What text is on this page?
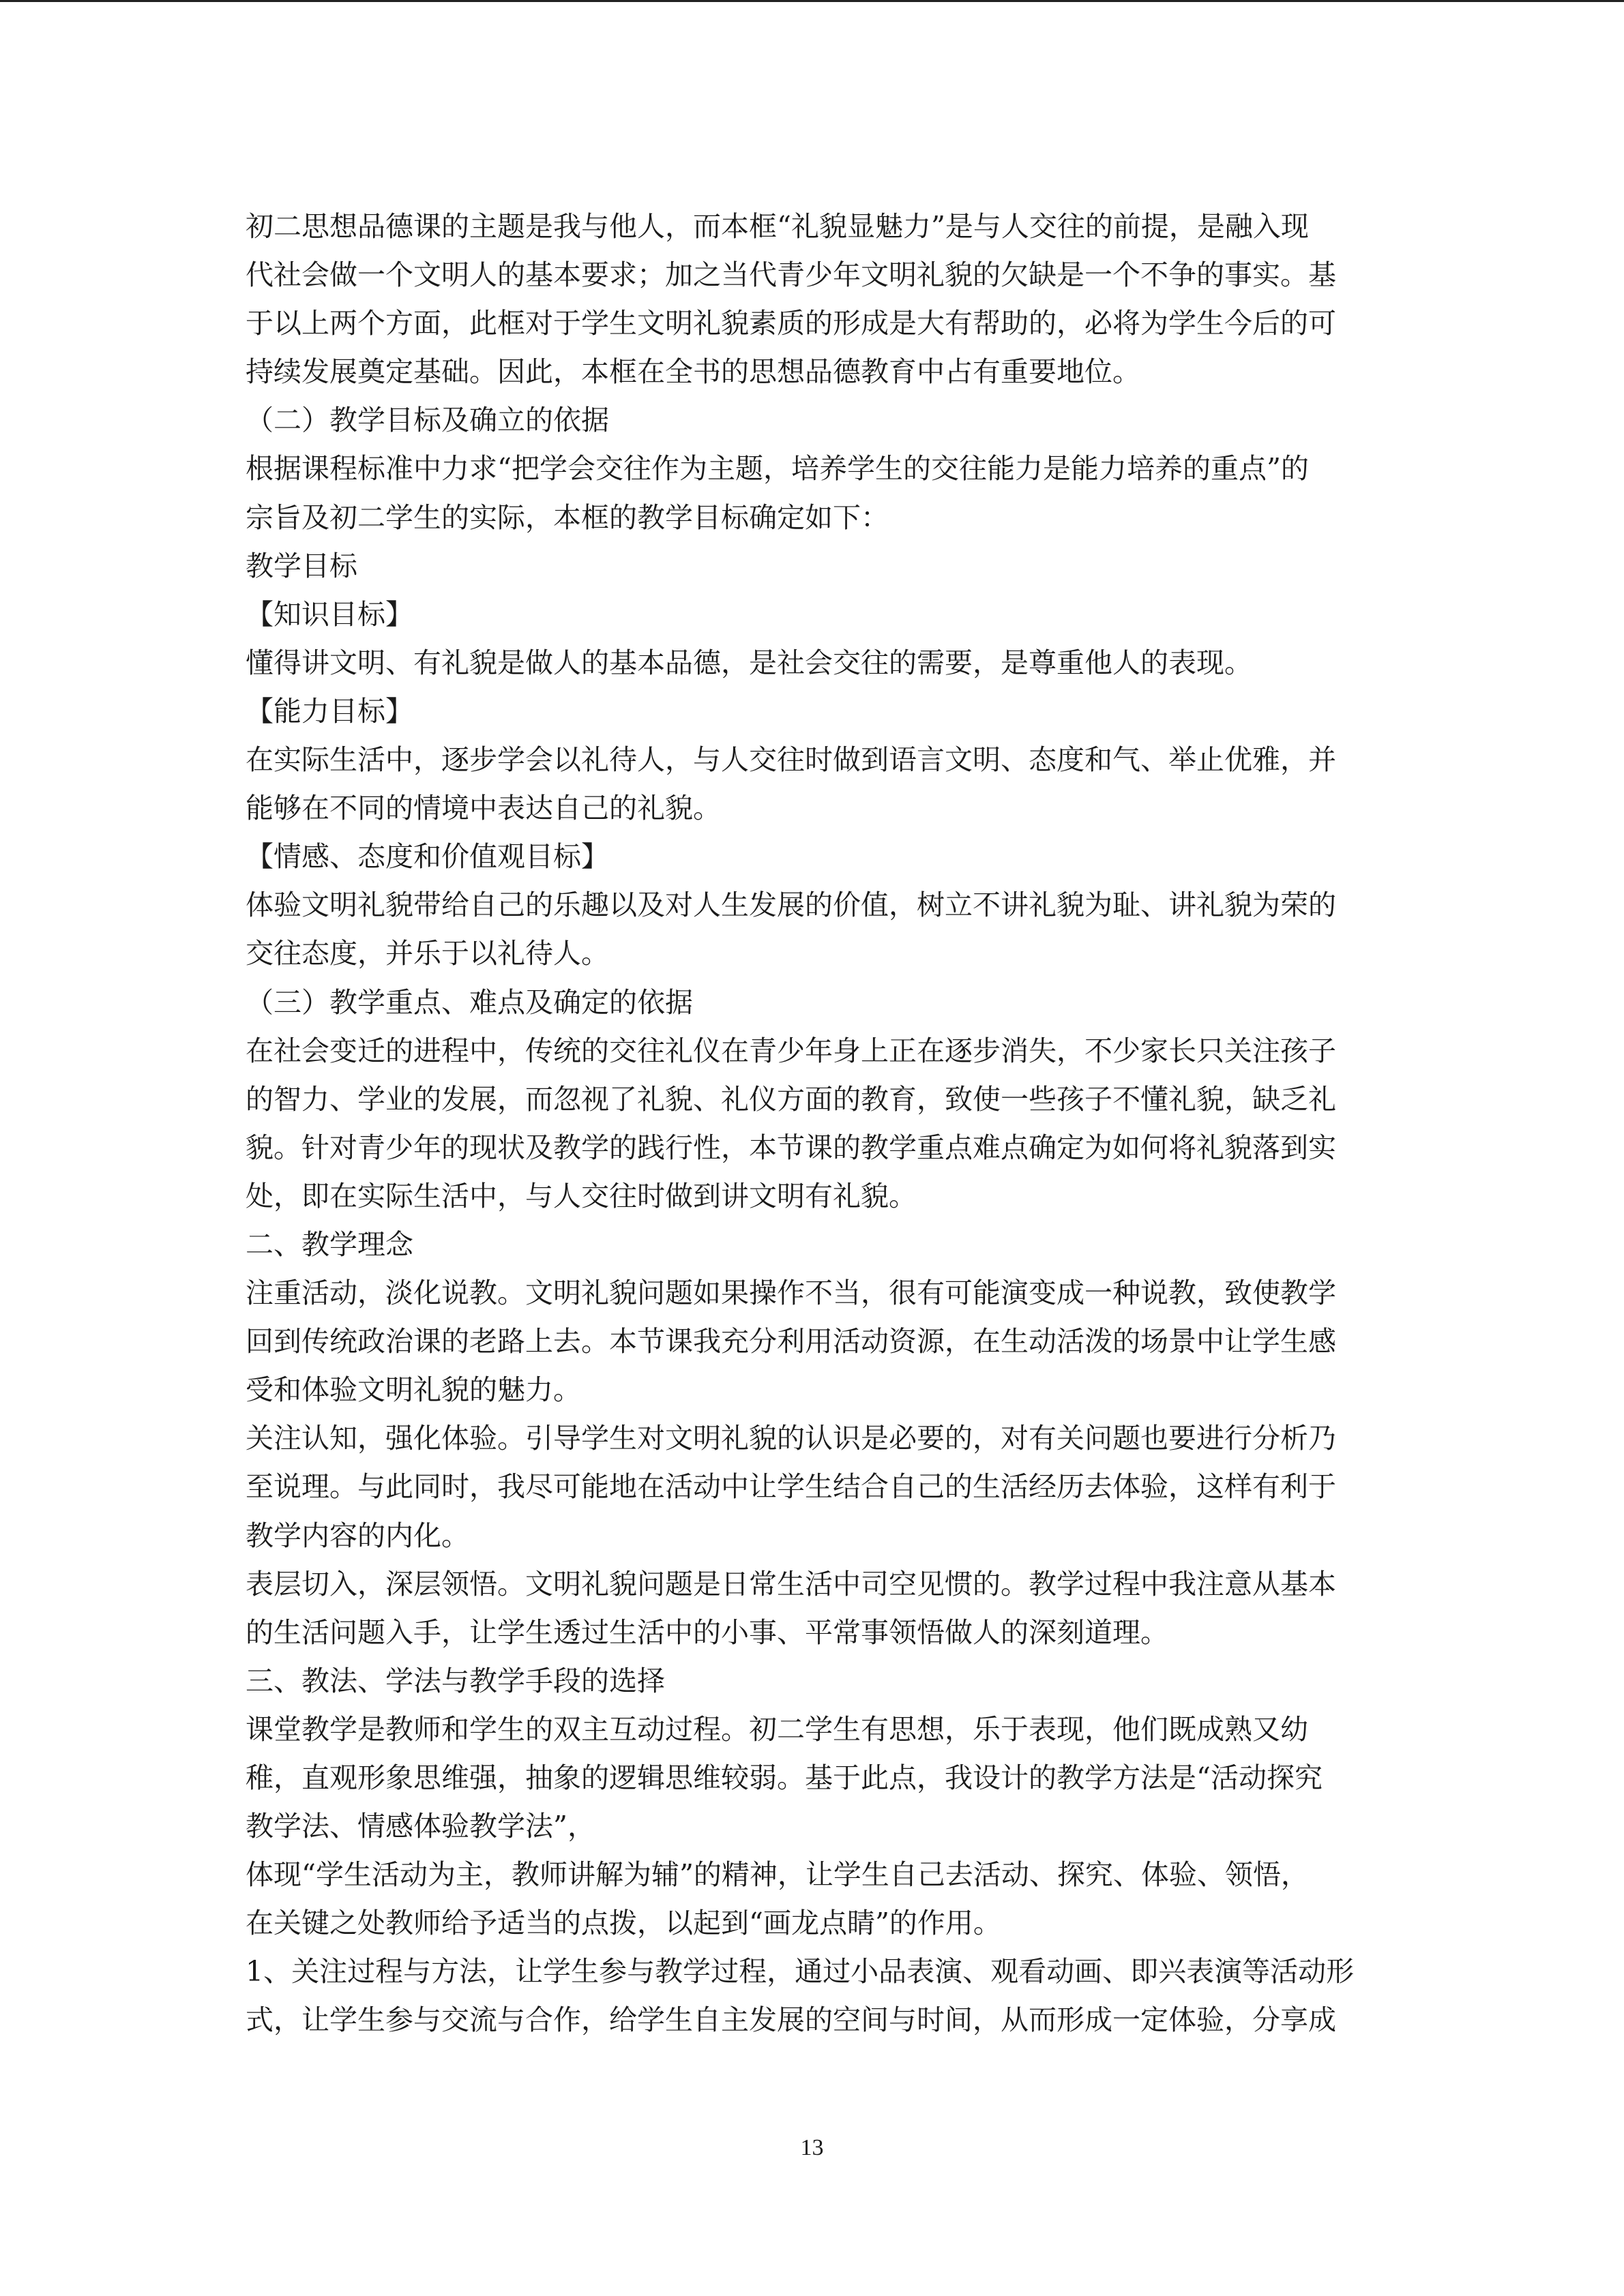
初二思想品德课的主题是我与他人，而本框“礼貌显魅力”是与人交往的前提，是融入现
代社会做一个文明人的基本要求；加之当代青少年文明礼貌的欠缺是一个不争的事实。基
于以上两个方面，此框对于学生文明礼貌素质的形成是大有帮助的，必将为学生今后的可
持续发展奠定基础。因此，本框在全书的思想品德教育中占有重要地位。
（二）教学目标及确立的依据
根据课程标准中力求“把学会交往作为主题，培养学生的交往能力是能力培养的重点”的
宗旨及初二学生的实际，本框的教学目标确定如下：
教学目标
【知识目标】
懂得讲文明、有礼貌是做人的基本品德，是社会交往的需要，是尊重他人的表现。
【能力目标】
在实际生活中，逐步学会以礼待人，与人交往时做到语言文明、态度和气、举止优雅，并
能够在不同的情境中表达自己的礼貌。
【情感、态度和价值观目标】
体验文明礼貌带给自己的乐趣以及对人生发展的价值，树立不讲礼貌为耻、讲礼貌为荣的
交往态度，并乐于以礼待人。
（三）教学重点、难点及确定的依据
在社会变迁的进程中，传统的交往礼仪在青少年身上正在逐步消失，不少家长只关注孩子
的智力、学业的发展，而忽视了礼貌、礼仪方面的教育，致使一些孩子不懂礼貌，缺乏礼
貌。针对青少年的现状及教学的践行性，本节课的教学重点难点确定为如何将礼貌落到实
处，即在实际生活中，与人交往时做到讲文明有礼貌。
二、教学理念
注重活动，淡化说教。文明礼貌问题如果操作不当，很有可能演变成一种说教，致使教学
回到传统政治课的老路上去。本节课我充分利用活动资源，在生动活泼的场景中让学生感
受和体验文明礼貌的魅力。
关注认知，强化体验。引导学生对文明礼貌的认识是必要的，对有关问题也要进行分析乃
至说理。与此同时，我尽可能地在活动中让学生结合自己的生活经历去体验，这样有利于
教学内容的内化。
表层切入，深层领悟。文明礼貌问题是日常生活中司空见惯的。教学过程中我注意从基本
的生活问题入手，让学生透过生活中的小事、平常事领悟做人的深刻道理。
三、教法、学法与教学手段的选择
课堂教学是教师和学生的双主互动过程。初二学生有思想，乐于表现，他们既成熟又幼
稚，直观形象思维强，抽象的逻辑思维较弱。基于此点，我设计的教学方法是“活动探究
教学法、情感体验教学法”，
体现“学生活动为主，教师讲解为辅”的精神，让学生自己去活动、探究、体验、领悟，
在关键之处教师给予适当的点拨，以起到“画龙点睛”的作用。
1、关注过程与方法，让学生参与教学过程，通过小品表演、观看动画、即兴表演等活动形
式，让学生参与交流与合作，给学生自主发展的空间与时间，从而形成一定体验，分享成
13
